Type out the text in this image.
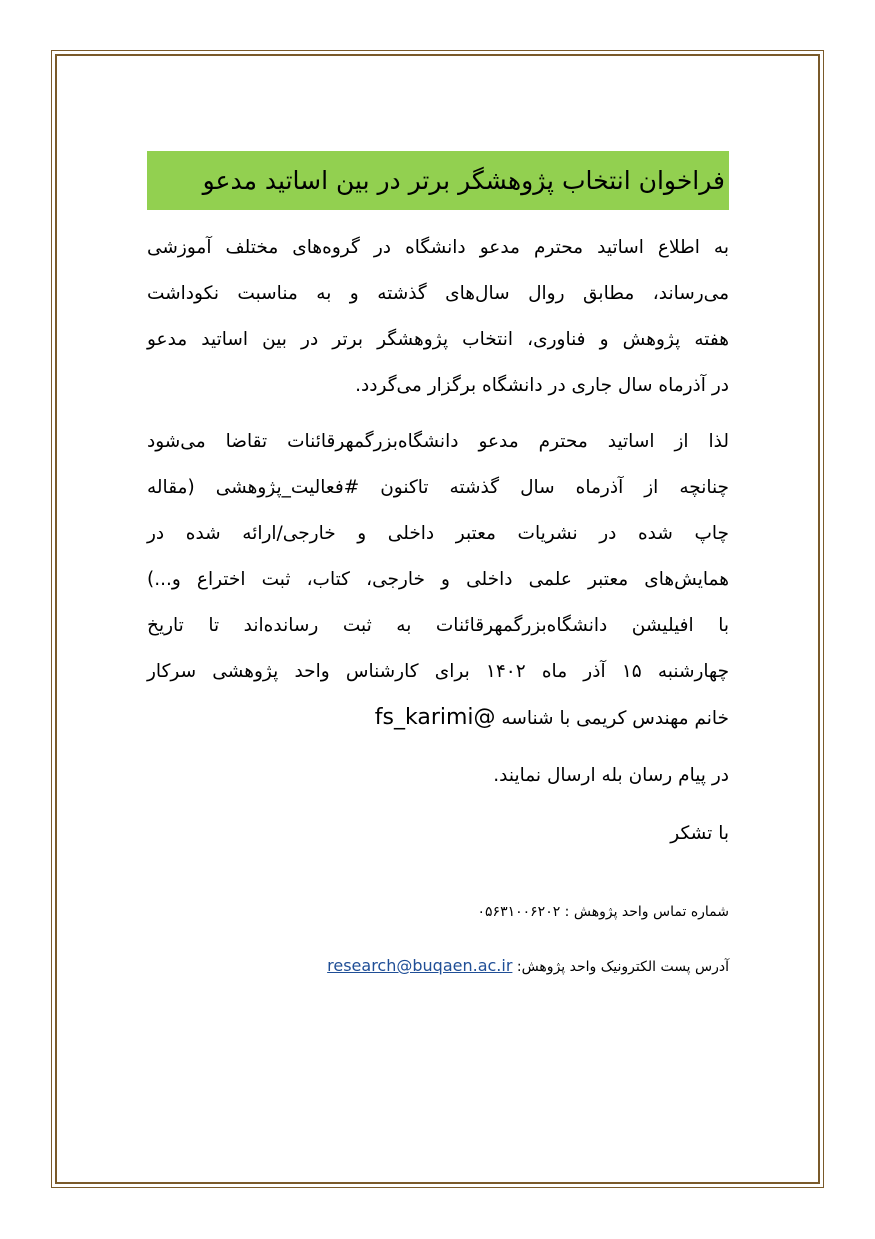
فراخوان انتخاب پژوهشگر برتر در بین اساتید مدعو

به اطلاع اساتید محترم مدعو دانشگاه در گروه‌های مختلف آموزشی
می‌رساند، مطابق روال سال‌های گذشته و به مناسبت نکوداشت
هفته پژوهش و فناوری، انتخاب پژوهشگر برتر در بین اساتید مدعو
در آذرماه سال جاری در دانشگاه برگزار می‌گردد.

لذا از اساتید محترم مدعو دانشگاه‌بزرگمهرقائنات تقاضا می‌شود
چنانچه از آذرماه سال گذشته تاکنون #فعالیت_پژوهشی (مقاله
چاپ شده در نشریات معتبر داخلی و خارجی/ارائه شده در
همایش‌های معتبر علمی داخلی و خارجی، کتاب، ثبت اختراع و...)
با افیلیشن دانشگاه‌بزرگمهرقائنات به ثبت رسانده‌اند تا تاریخ
چهارشنبه ۱۵ آذر ماه ۱۴۰۲ برای کارشناس واحد پژوهشی سرکار
خانم مهندس کریمی با شناسه fs_karimi@

در پیام رسان بله ارسال نمایند.

با تشکر

شماره تماس واحد پژوهش : ۰۵۶۳۱۰۰۶۲۰۲
آدرس پست الکترونیک واحد پژوهش: research@buqaen.ac.ir
